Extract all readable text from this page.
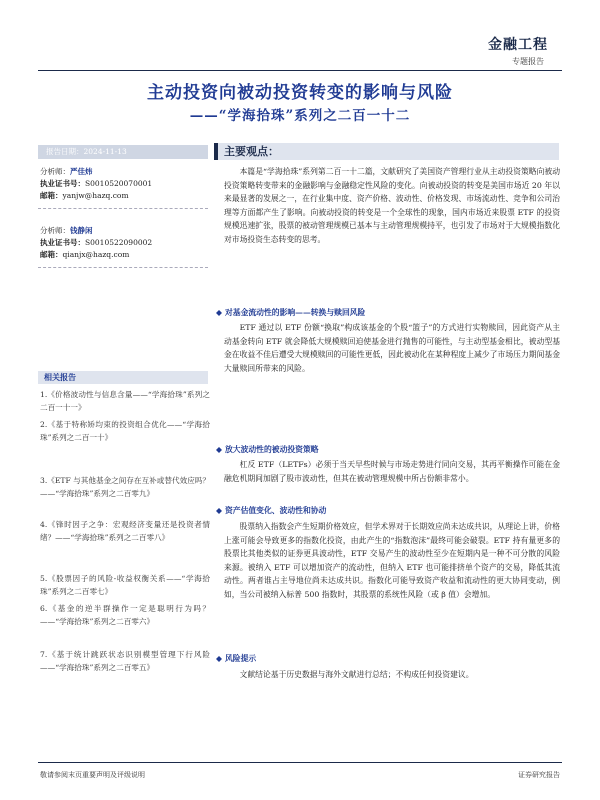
金融工程
专题报告
主动投资向被动投资转变的影响与风险
——“学海拾珠”系列之二百一十二
报告日期：2024-11-13
分析师：严佳炜
执业证书号：S0010520070001
邮箱：yanjw@hazq.com
分析师：钱静闲
执业证书号：S0010522090002
邮箱：qianjx@hazq.com
相关报告
1.《价格波动性与信息含量——“学海拾珠”系列之二百一十一》
2.《基于特称矫均束的投资组合优化——“学海拾珠”系列之二百一十》
3.《ETF 与其他基金之间存在互补或替代效应吗？——“学海拾珠”系列之二百零九》
4.《锋时因子之争：宏观经济变量还是投资者情绪？——“学海拾珠”系列之二百零八》
5.《股票因子的风险-收益权衡关系——“学海拾珠”系列之二百零七》
6.《基金的逆半群操作一定是聪明行为吗？——“学海拾珠”系列之二百零六》
7.《基于统计跳跃状态识别模型管理下行风险——“学海拾珠”系列之二百零五》
主要观点：
本篇是“学海拾珠”系列第二百一十二篇，文献研究了美国资产管理行业从主动投资策略向被动投资策略转变带来的金融影响与金融稳定性风险的变化。向被动投资的转变是美国市场近 20 年以来最显著的发展之一，在行业集中度、资产价格、波动性、价格发现、市场流动性、竞争和公司治理等方面都产生了影响。向被动投资的转变是一个全球性的现象，国内市场近来股票 ETF 的投资规模迅速扩张，股票的被动管理规模已基本与主动管理规模持平，也引发了市场对于大规模指数化对市场投资生态转变的思考。
◆ 对基金流动性的影响——转换与赎回风险
ETF 通过以 ETF 份额“换取”构成该基金的个股“篮子”的方式进行实物赎回，因此资产从主动基金转向 ETF 就会降低大规模赎回迫使基金进行抛售的可能性，与主动型基金相比，被动型基金在收益不佳后遭受大规模赎回的可能性更低，因此被动化在某种程度上减少了市场压力期间基金大量赎回所带来的风险。
◆ 放大波动性的被动投资策略
杠反 ETF（LETFs）必须于当天早些时候与市场走势进行同向交易，其再平衡操作可能在金融危机期间加剧了股市波动性，但其在被动管理规模中所占份额非常小。
◆ 资产估值变化、波动性和协动
股票纳入指数会产生短期价格效应，但学术界对于长期效应尚未达成共识，从理论上讲，价格上涨可能会导致更多的指数化投资，由此产生的“指数泡沫”最终可能会破裂。ETF 持有量更多的股票比其他类似的证券更具波动性，ETF 交易产生的波动性至少在短期内是一种不可分散的风险来源。被纳入 ETF 可以增加资产的流动性，但纳入 ETF 也可能排挤单个资产的交易，降低其流动性。两者谁占主导地位尚未达成共识。指数化可能导致资产收益和流动性的更大协同变动，例如，当公司被纳入标普 500 指数时，其股票的系统性风险（或 β 值）会增加。
◆ 风险提示
文献结论基于历史数据与海外文献进行总结；不构成任何投资建议。
敬请参阅末页重要声明及评级说明	证券研究报告
